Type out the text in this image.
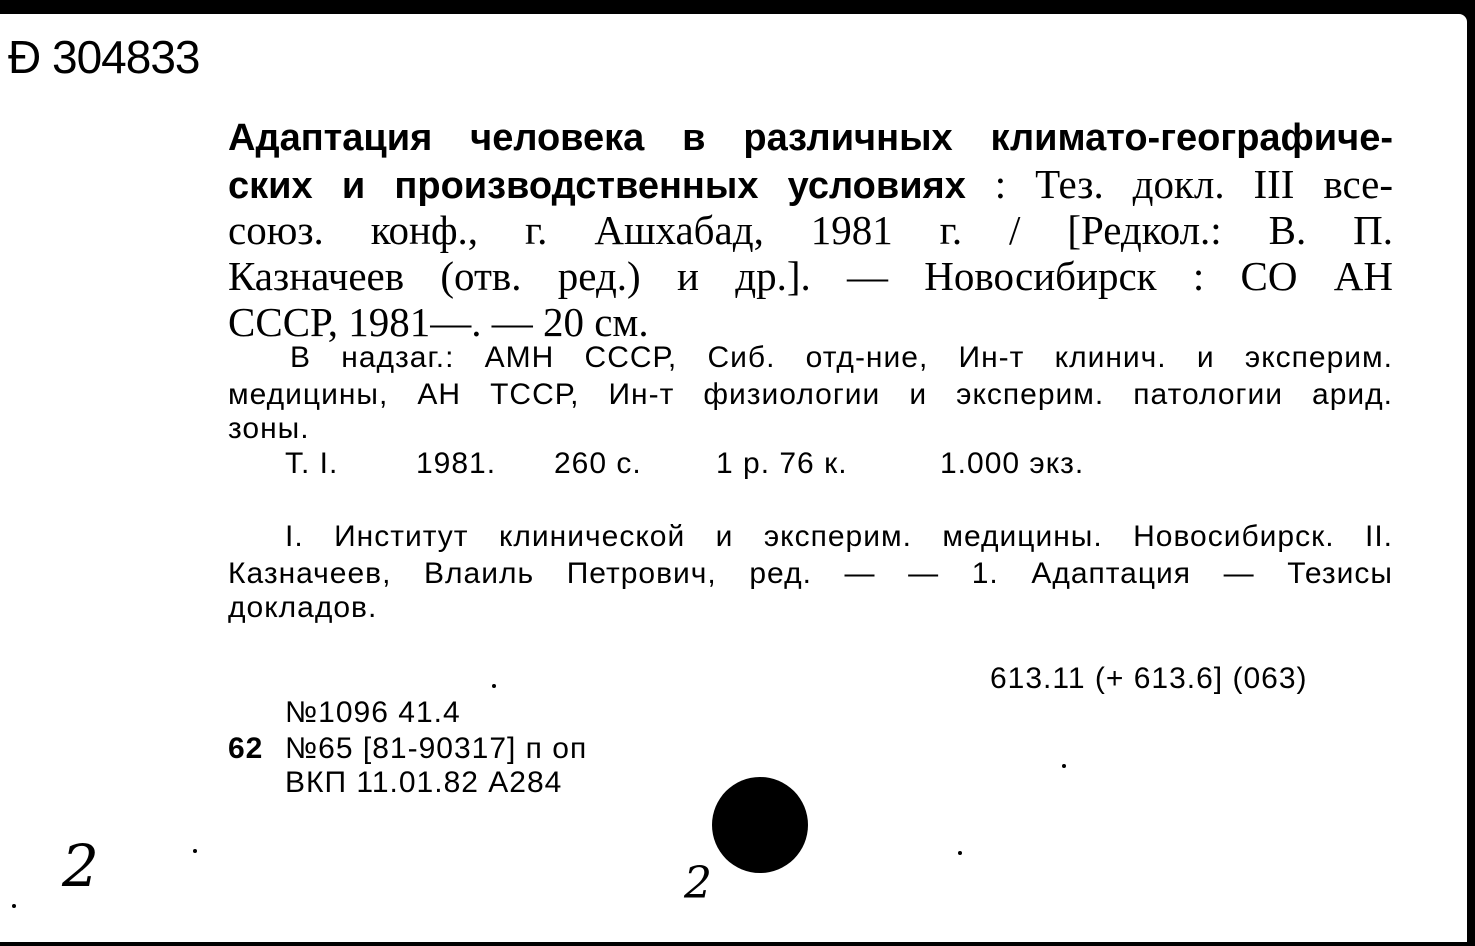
Ð 304833
Адаптация человека в различных климато-географиче-
ских и производственных условиях : Тез. докл. III все-
союз. конф., г. Ашхабад, 1981 г. / [Редкол.: В. П.
Казначеев (отв. ред.) и др.]. — Новосибирск : СО АН
СССР, 1981—. — 20 см.
В надзаг.: АМН СССР, Сиб. отд-ние, Ин-т клинич. и эксперим.
медицины, АН ТССР, Ин-т физиологии и эксперим. патологии арид.
зоны.
Т. I.	1981. 260 с. 1 р. 76 к.	1.000 экз.
I. Институт клинической и эксперим. медицины. Новосибирск. II.
Казначеев, Влаиль Петрович, ред. — — 1. Адаптация — Тезисы
докладов.
613.11 (+ 613.6] (063)
№1096 41.4
62 №65 [81-90317] п оп
ВКП 11.01.82 А284
2	2
